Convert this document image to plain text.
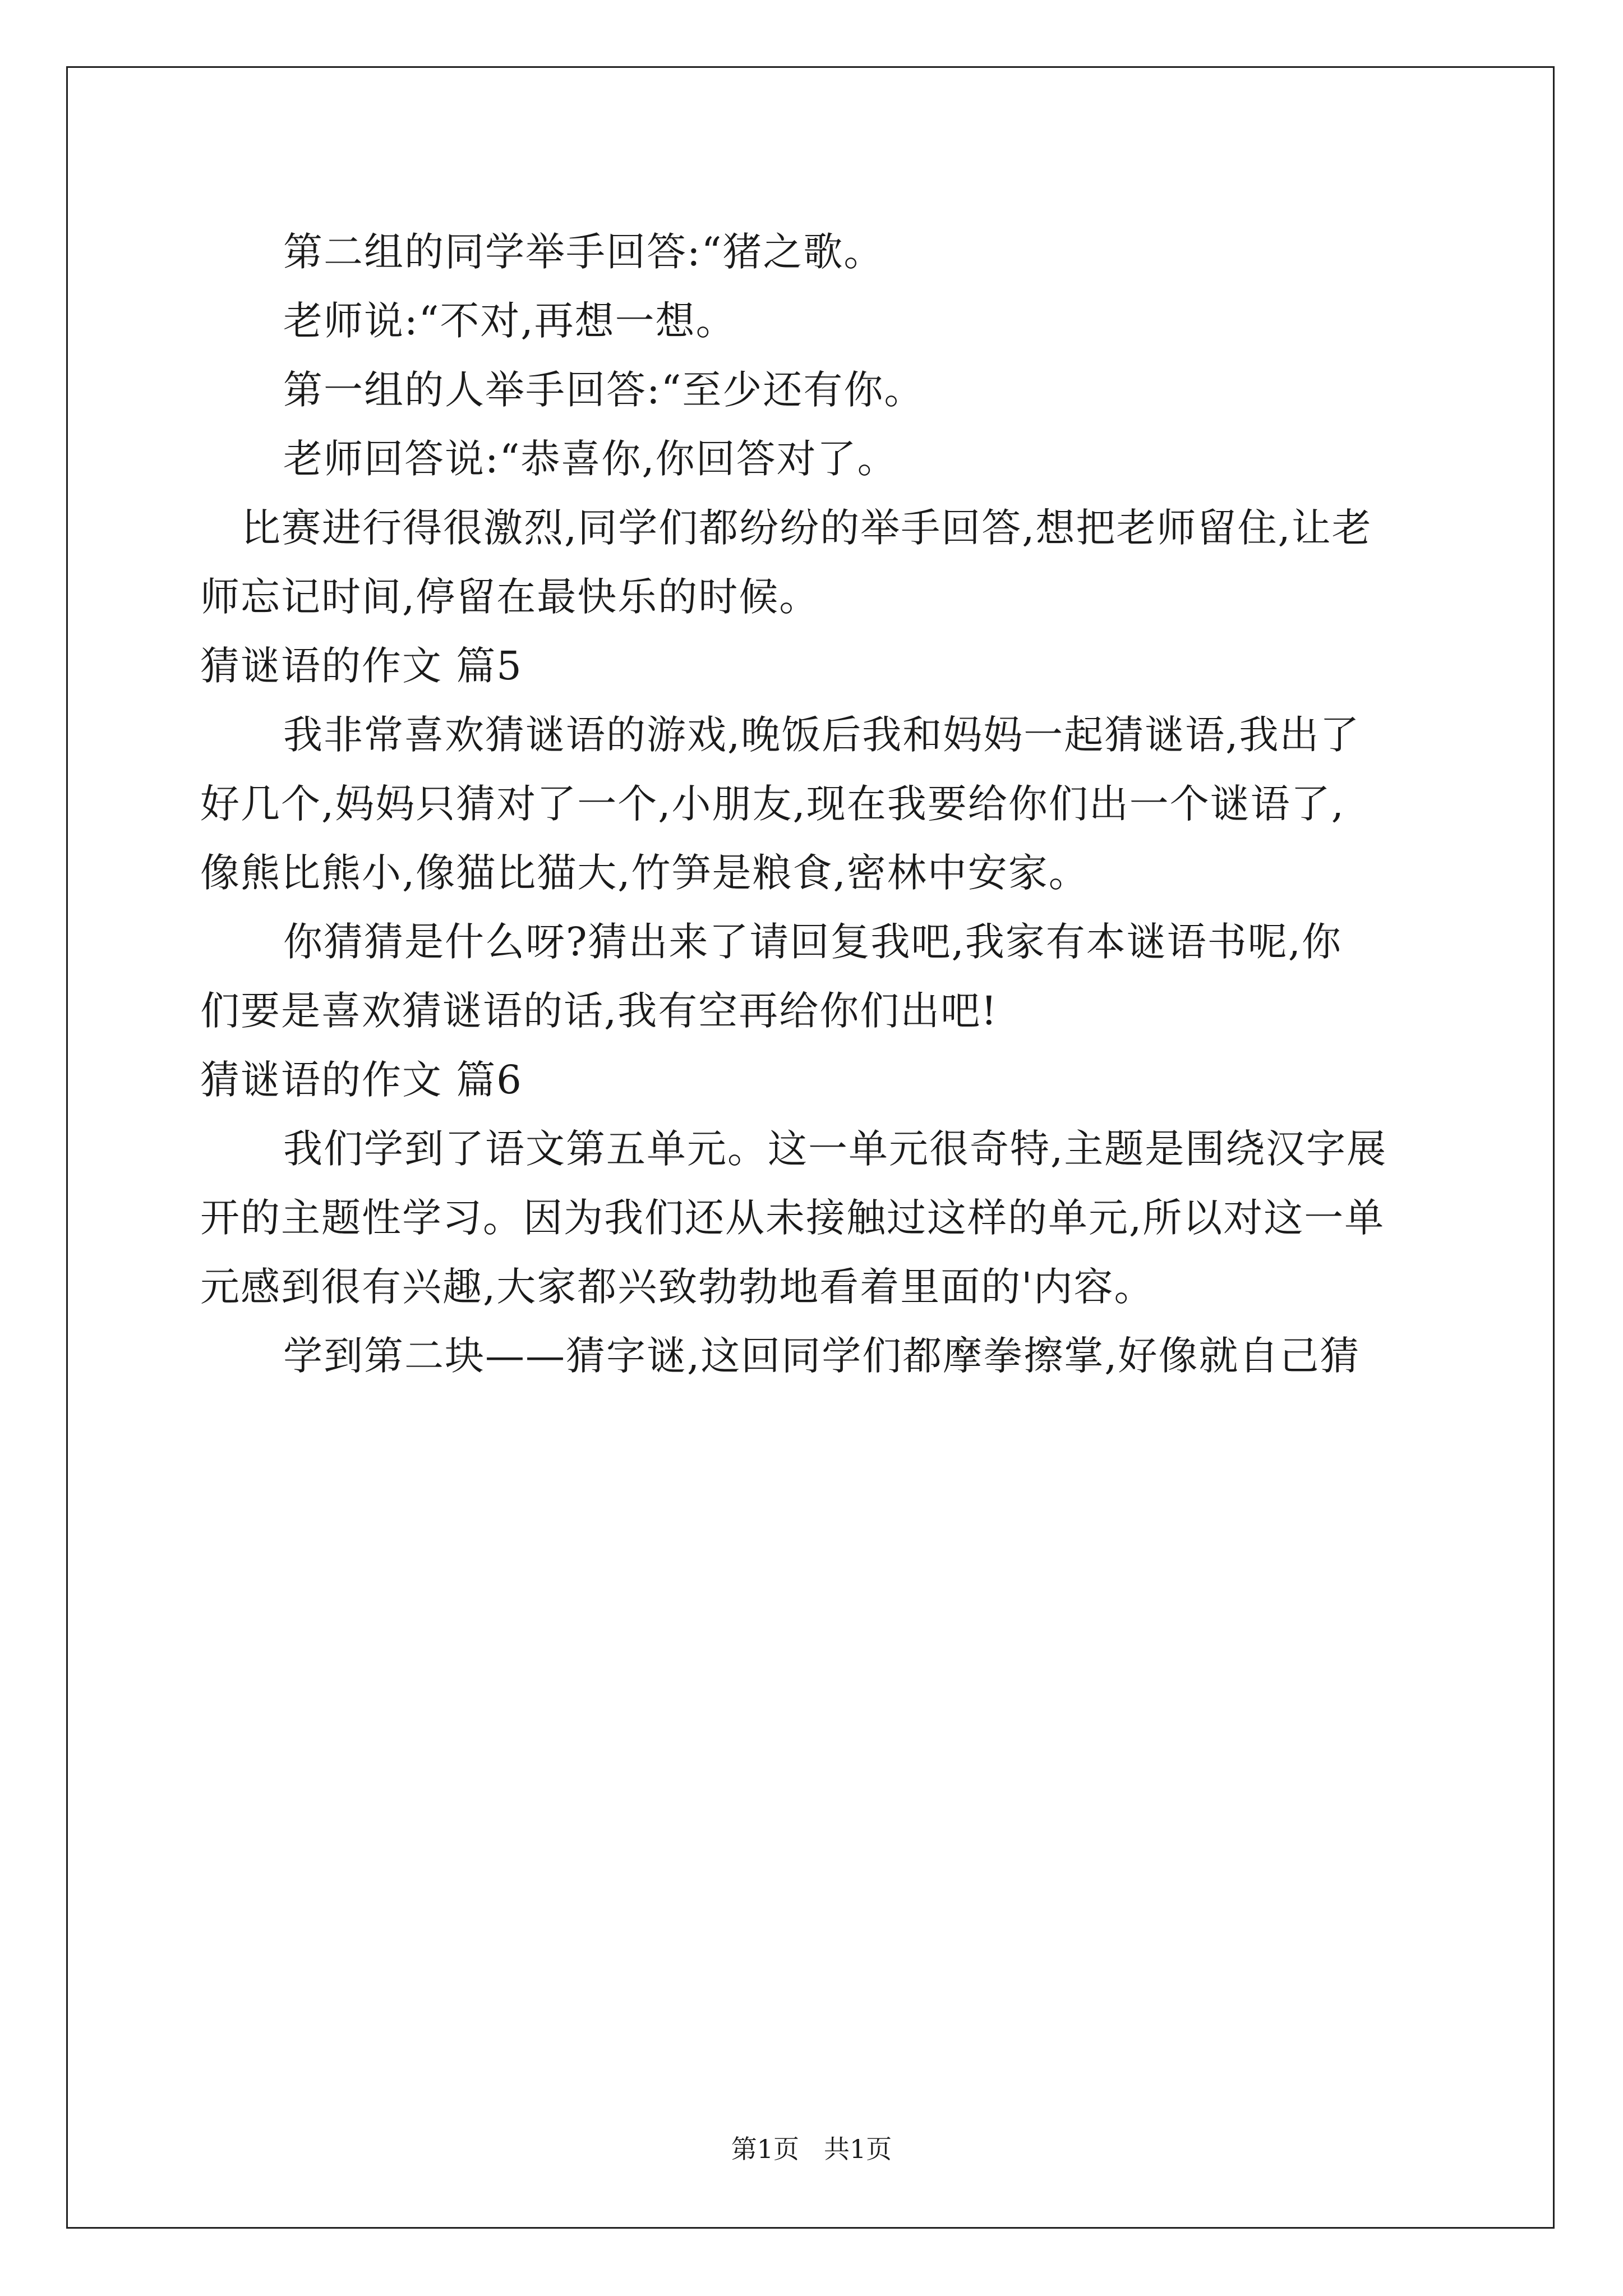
第二组的同学举手回答:“猪之歌。
老师说:“不对,再想一想。
第一组的人举手回答:“至少还有你。
老师回答说:“恭喜你,你回答对了。
比赛进行得很激烈,同学们都纷纷的举手回答,想把老师留住,让老
师忘记时间,停留在最快乐的时候。
猜谜语的作文 篇5
我非常喜欢猜谜语的游戏,晚饭后我和妈妈一起猜谜语,我出了
好几个,妈妈只猜对了一个,小朋友,现在我要给你们出一个谜语了,
像熊比熊小,像猫比猫大,竹笋是粮食,密林中安家。
你猜猜是什么呀?猜出来了请回复我吧,我家有本谜语书呢,你
们要是喜欢猜谜语的话,我有空再给你们出吧!
猜谜语的作文 篇6
我们学到了语文第五单元。这一单元很奇特,主题是围绕汉字展
开的主题性学习。因为我们还从未接触过这样的单元,所以对这一单
元感到很有兴趣,大家都兴致勃勃地看着里面的'内容。
学到第二块——猜字谜,这回同学们都摩拳擦掌,好像就自己猜
第1页 共1页
